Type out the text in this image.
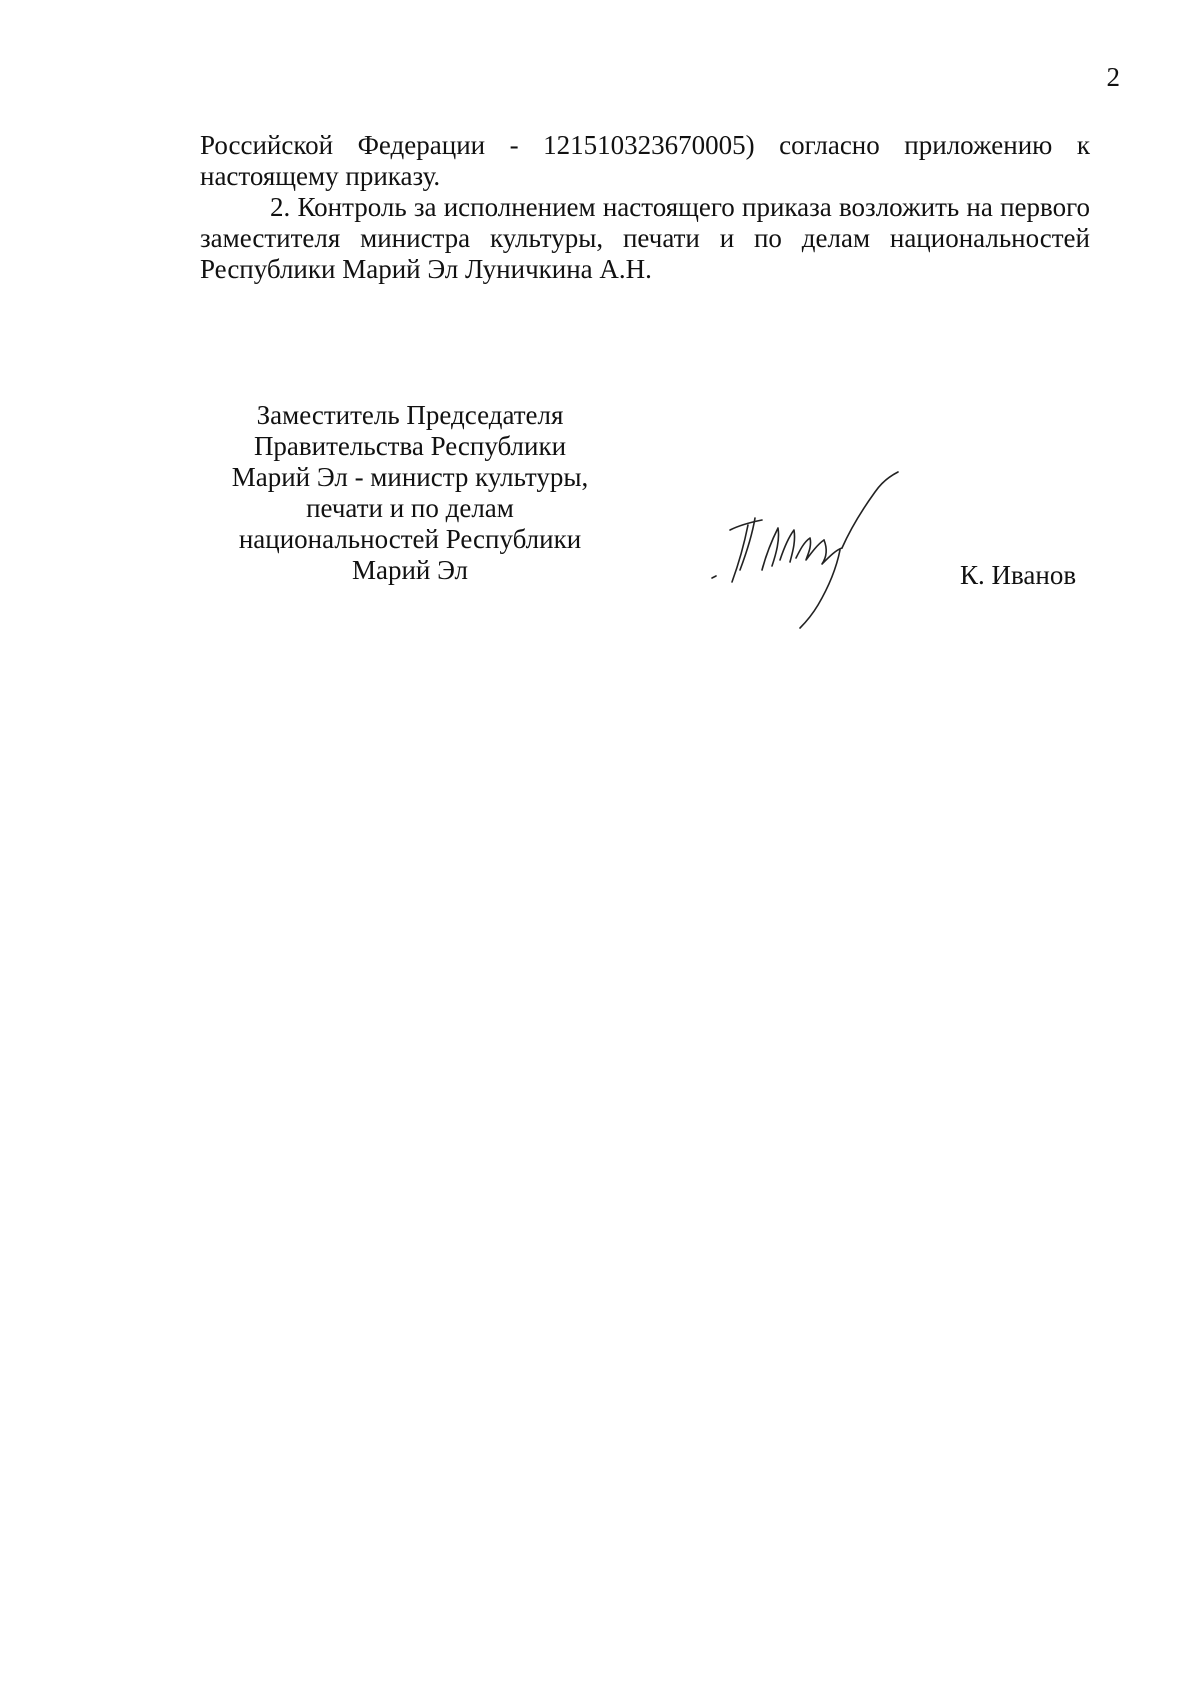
2

Российской Федерации - 121510323670005) согласно приложению к настоящему приказу.

2. Контроль за исполнением настоящего приказа возложить на первого заместителя министра культуры, печати и по делам национальностей Республики Марий Эл Луничкина А.Н.

Заместитель Председателя
Правительства Республики
Марий Эл - министр культуры,
печати и по делам
национальностей Республики
Марий Эл	К. Иванов
